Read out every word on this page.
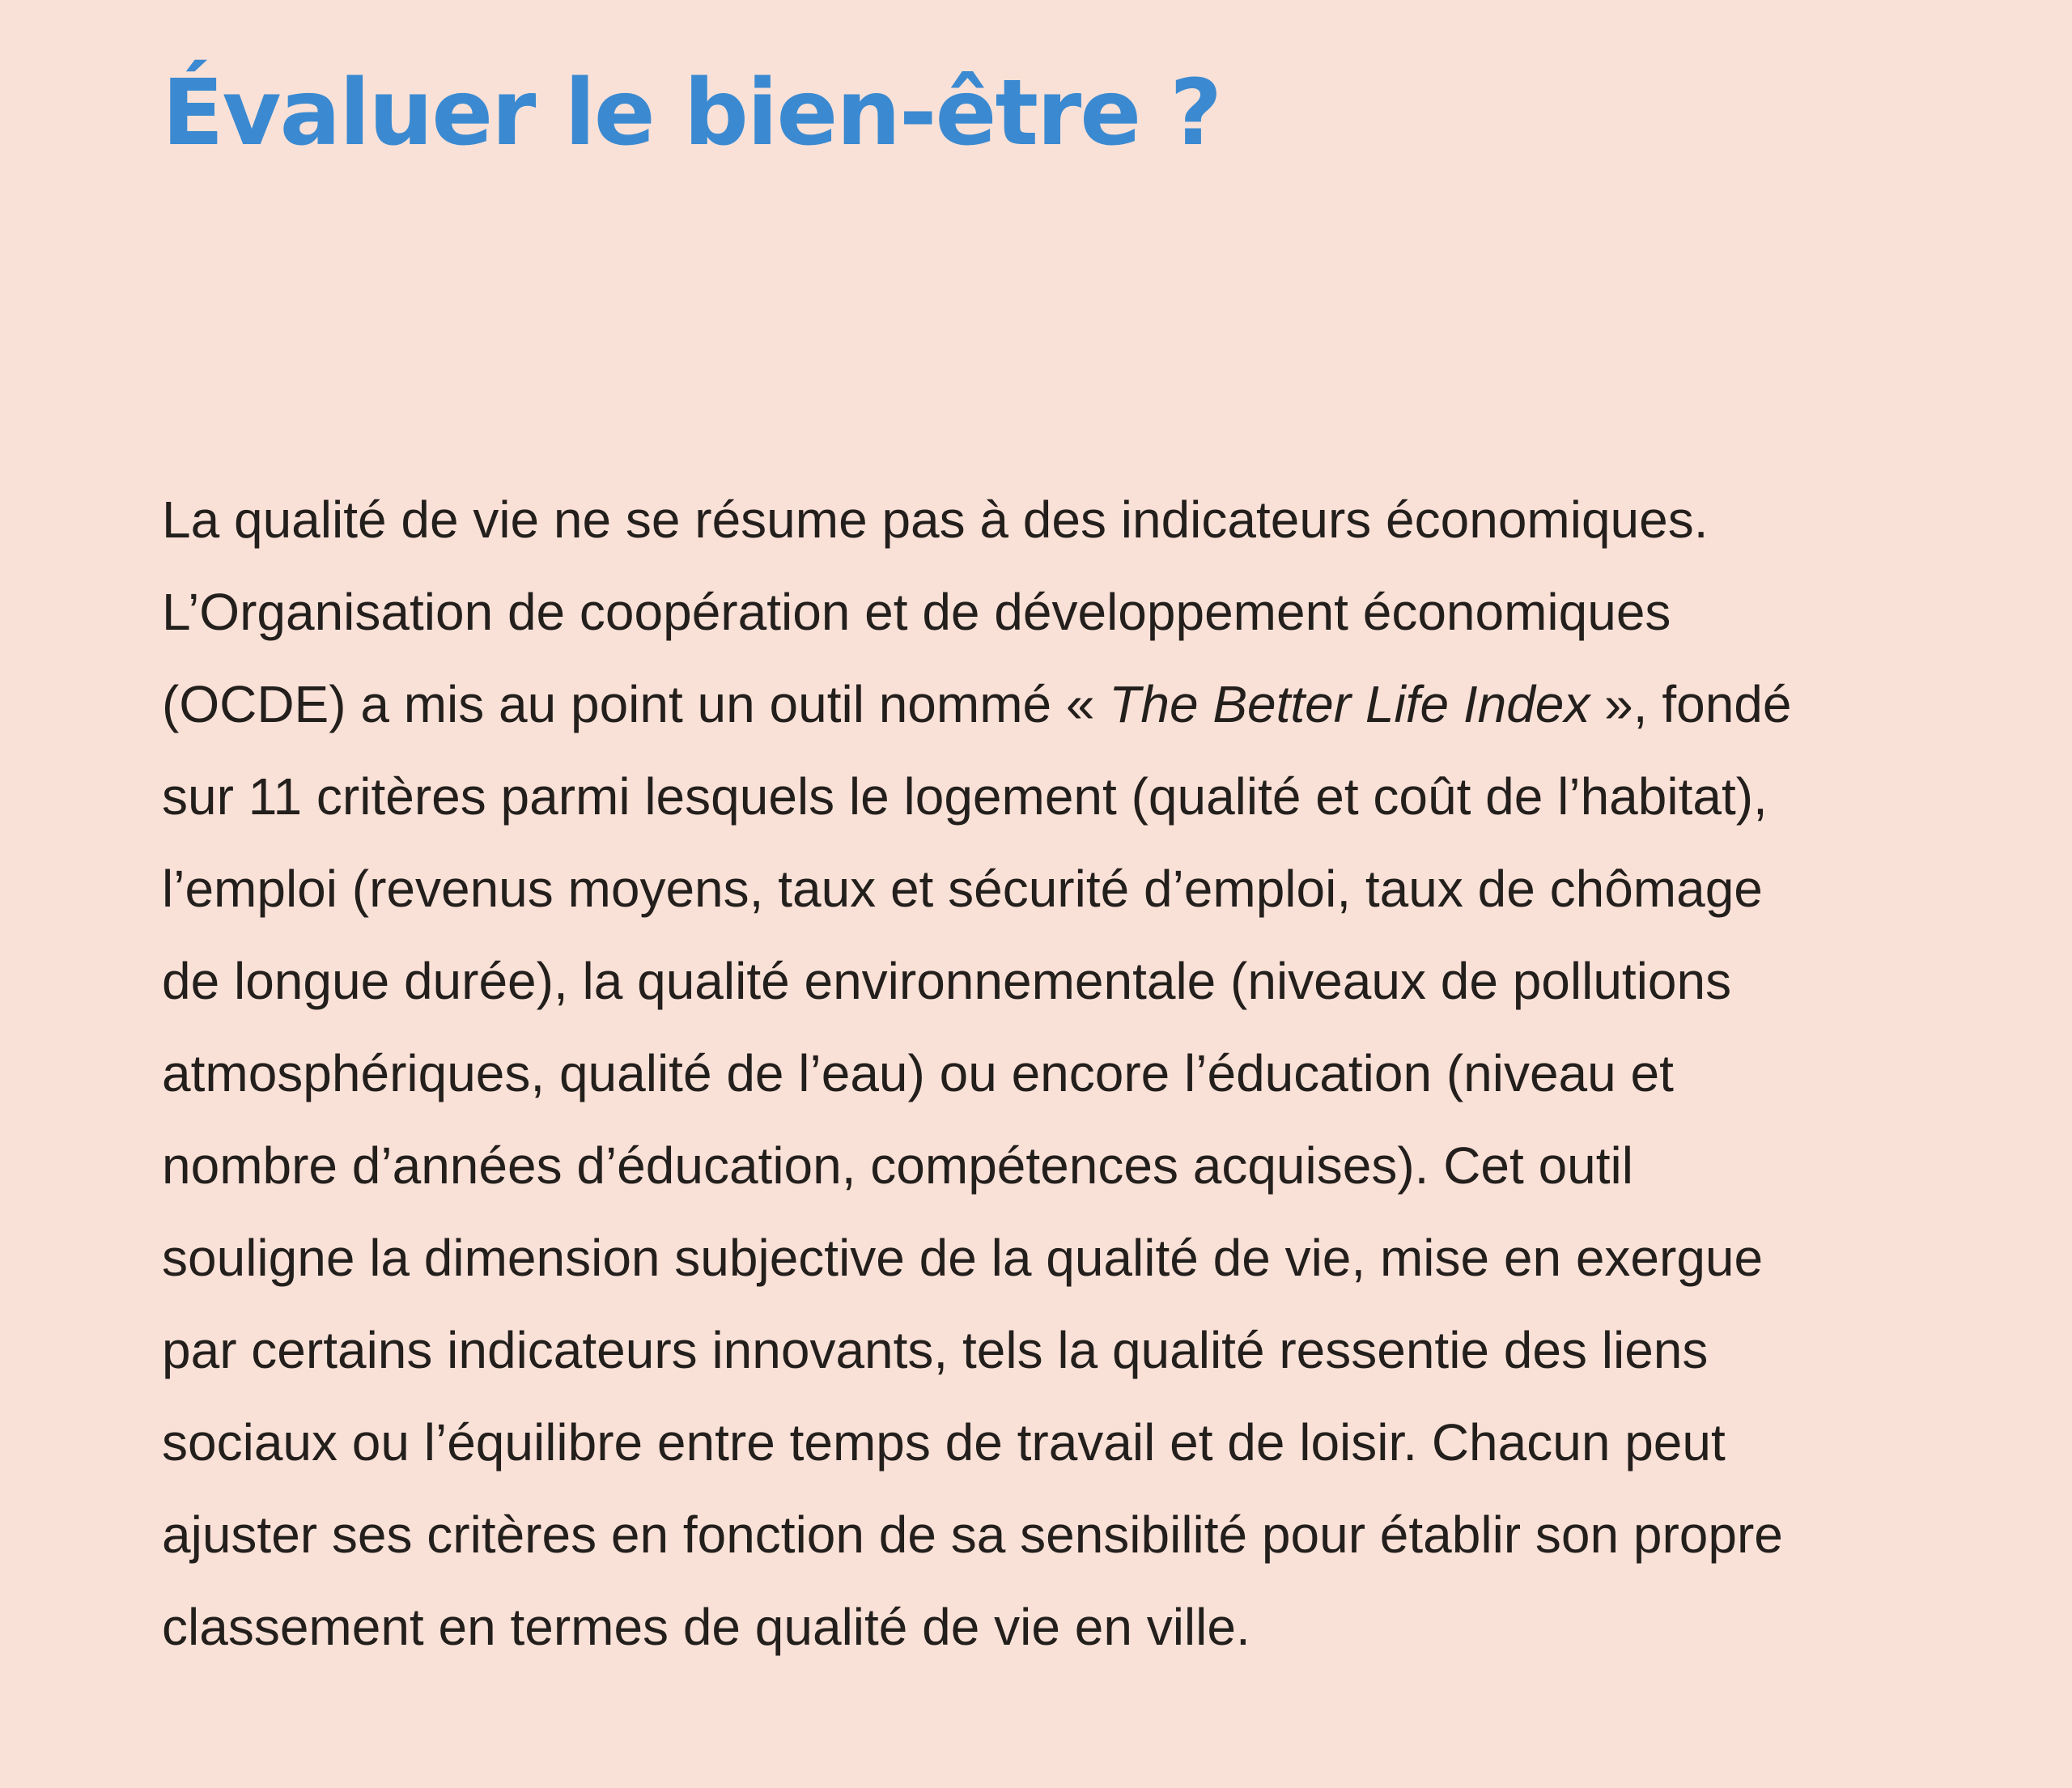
Évaluer le bien-être ?

La qualité de vie ne se résume pas à des indicateurs économiques.
L’Organisation de coopération et de développement économiques
(OCDE) a mis au point un outil nommé « The Better Life Index », fondé
sur 11 critères parmi lesquels le logement (qualité et coût de l’habitat),
l’emploi (revenus moyens, taux et sécurité d’emploi, taux de chômage
de longue durée), la qualité environnementale (niveaux de pollutions
atmosphériques, qualité de l’eau) ou encore l’éducation (niveau et
nombre d’années d’éducation, compétences acquises). Cet outil
souligne la dimension subjective de la qualité de vie, mise en exergue
par certains indicateurs innovants, tels la qualité ressentie des liens
sociaux ou l’équilibre entre temps de travail et de loisir. Chacun peut
ajuster ses critères en fonction de sa sensibilité pour établir son propre
classement en termes de qualité de vie en ville.
